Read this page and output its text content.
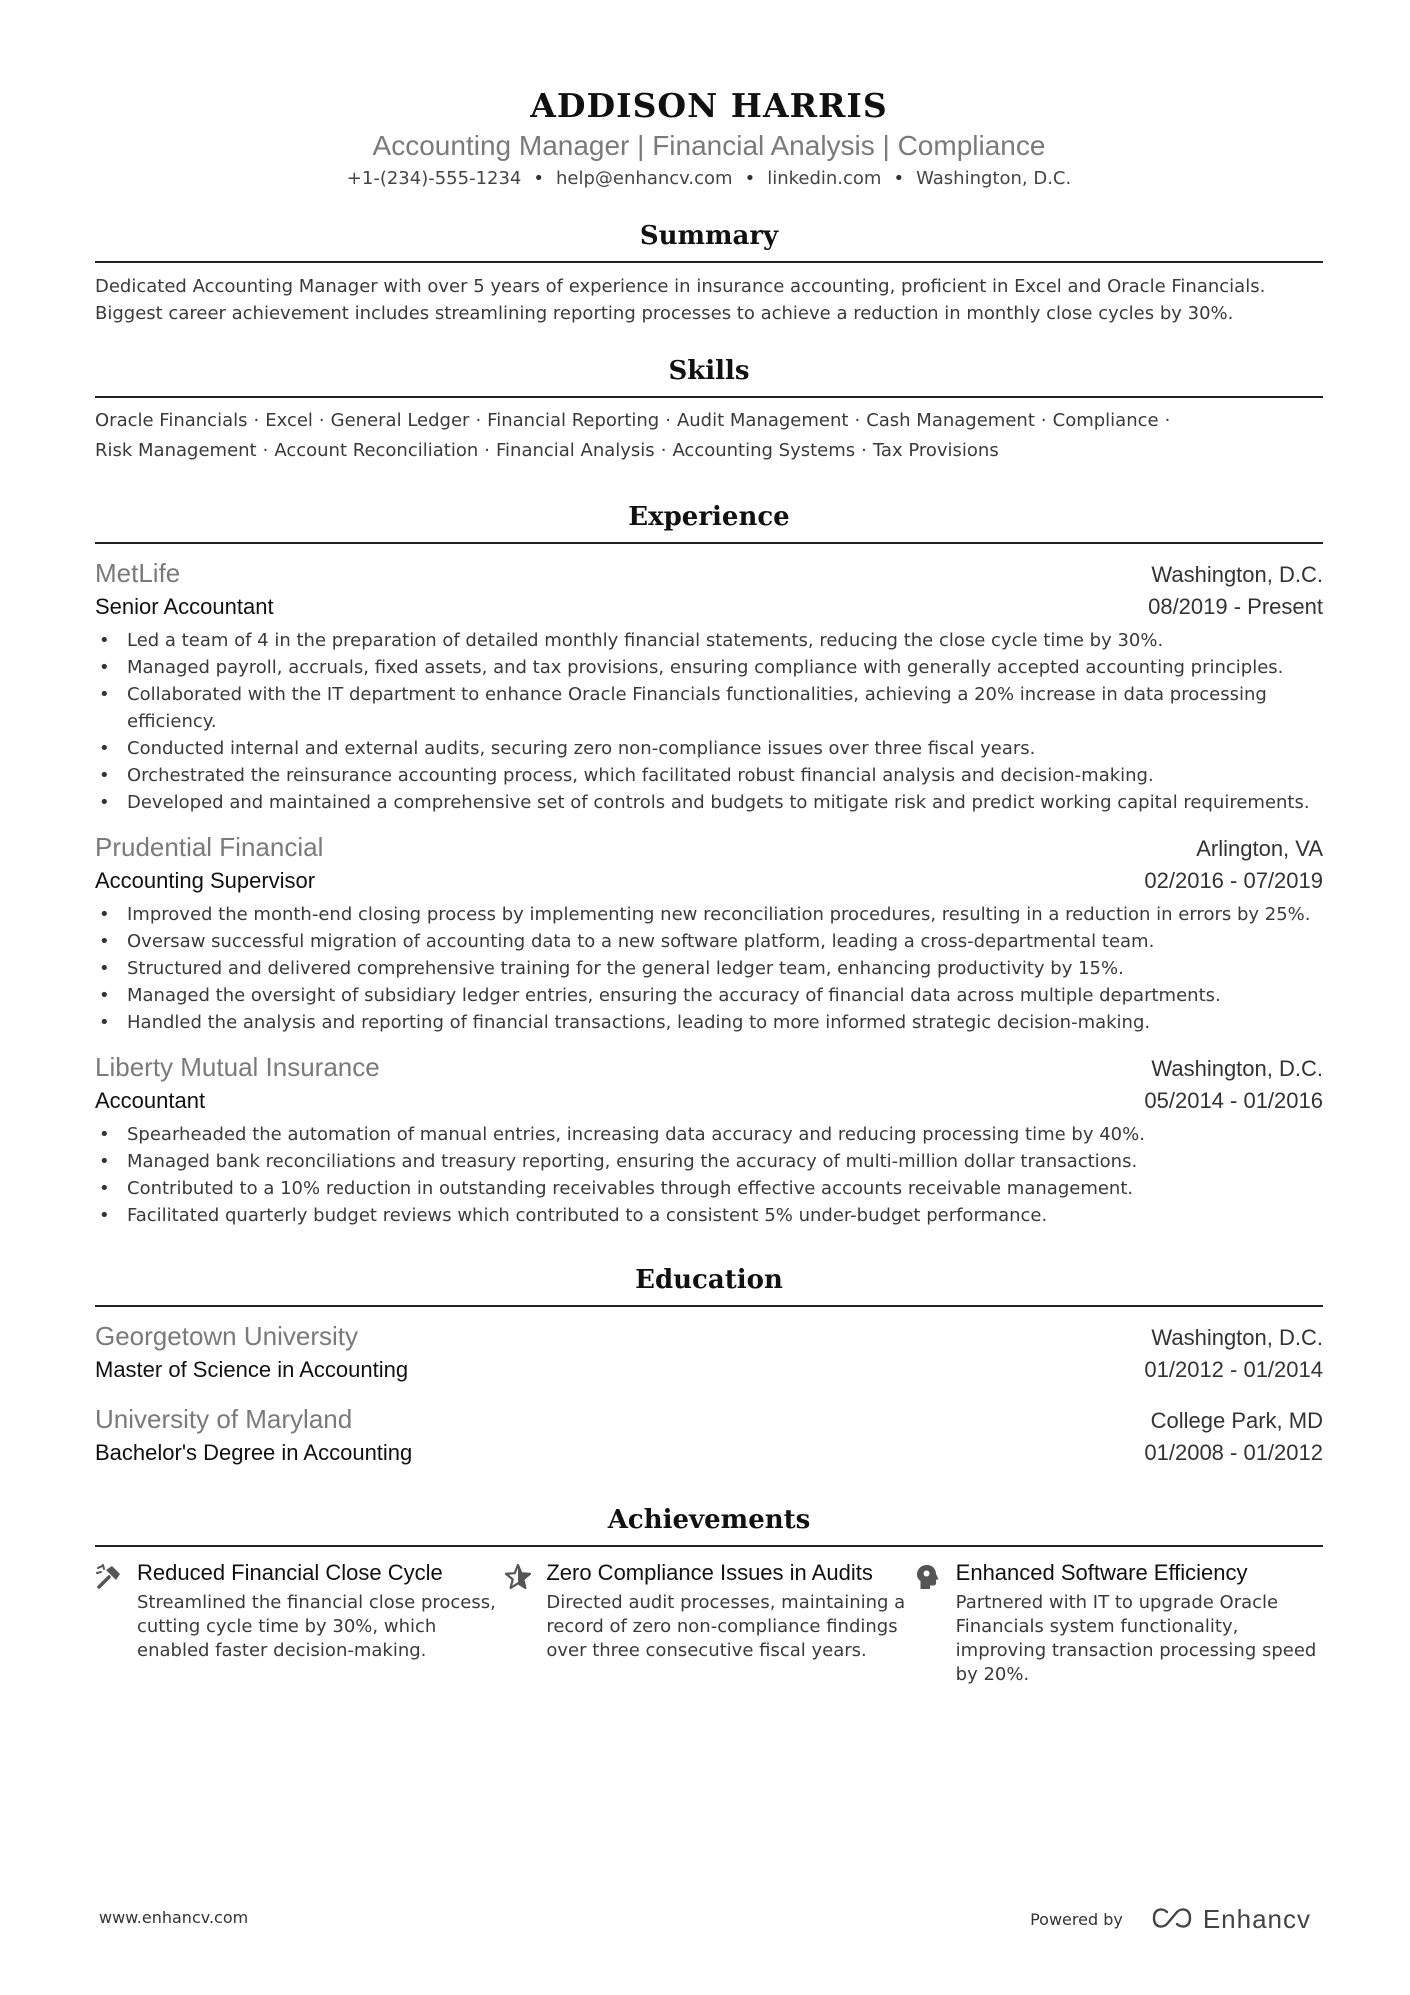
ADDISON HARRIS
Accounting Manager | Financial Analysis | Compliance
+1-(234)-555-1234 • help@enhancv.com • linkedin.com • Washington, D.C.
Summary
Dedicated Accounting Manager with over 5 years of experience in insurance accounting, proficient in Excel and Oracle Financials. Biggest career achievement includes streamlining reporting processes to achieve a reduction in monthly close cycles by 30%.
Skills
Oracle Financials · Excel · General Ledger · Financial Reporting · Audit Management · Cash Management · Compliance ·
Risk Management · Account Reconciliation · Financial Analysis · Accounting Systems · Tax Provisions
Experience
MetLife	Washington, D.C.
Senior Accountant	08/2019 - Present
• Led a team of 4 in the preparation of detailed monthly financial statements, reducing the close cycle time by 30%.
• Managed payroll, accruals, fixed assets, and tax provisions, ensuring compliance with generally accepted accounting principles.
• Collaborated with the IT department to enhance Oracle Financials functionalities, achieving a 20% increase in data processing efficiency.
• Conducted internal and external audits, securing zero non-compliance issues over three fiscal years.
• Orchestrated the reinsurance accounting process, which facilitated robust financial analysis and decision-making.
• Developed and maintained a comprehensive set of controls and budgets to mitigate risk and predict working capital requirements.
Prudential Financial	Arlington, VA
Accounting Supervisor	02/2016 - 07/2019
• Improved the month-end closing process by implementing new reconciliation procedures, resulting in a reduction in errors by 25%.
• Oversaw successful migration of accounting data to a new software platform, leading a cross-departmental team.
• Structured and delivered comprehensive training for the general ledger team, enhancing productivity by 15%.
• Managed the oversight of subsidiary ledger entries, ensuring the accuracy of financial data across multiple departments.
• Handled the analysis and reporting of financial transactions, leading to more informed strategic decision-making.
Liberty Mutual Insurance	Washington, D.C.
Accountant	05/2014 - 01/2016
• Spearheaded the automation of manual entries, increasing data accuracy and reducing processing time by 40%.
• Managed bank reconciliations and treasury reporting, ensuring the accuracy of multi-million dollar transactions.
• Contributed to a 10% reduction in outstanding receivables through effective accounts receivable management.
• Facilitated quarterly budget reviews which contributed to a consistent 5% under-budget performance.
Education
Georgetown University	Washington, D.C.
Master of Science in Accounting	01/2012 - 01/2014
University of Maryland	College Park, MD
Bachelor's Degree in Accounting	01/2008 - 01/2012
Achievements
Reduced Financial Close Cycle
Streamlined the financial close process, cutting cycle time by 30%, which enabled faster decision-making.
Zero Compliance Issues in Audits
Directed audit processes, maintaining a record of zero non-compliance findings over three consecutive fiscal years.
Enhanced Software Efficiency
Partnered with IT to upgrade Oracle Financials system functionality, improving transaction processing speed by 20%.
www.enhancv.com	Powered by	Enhancv
